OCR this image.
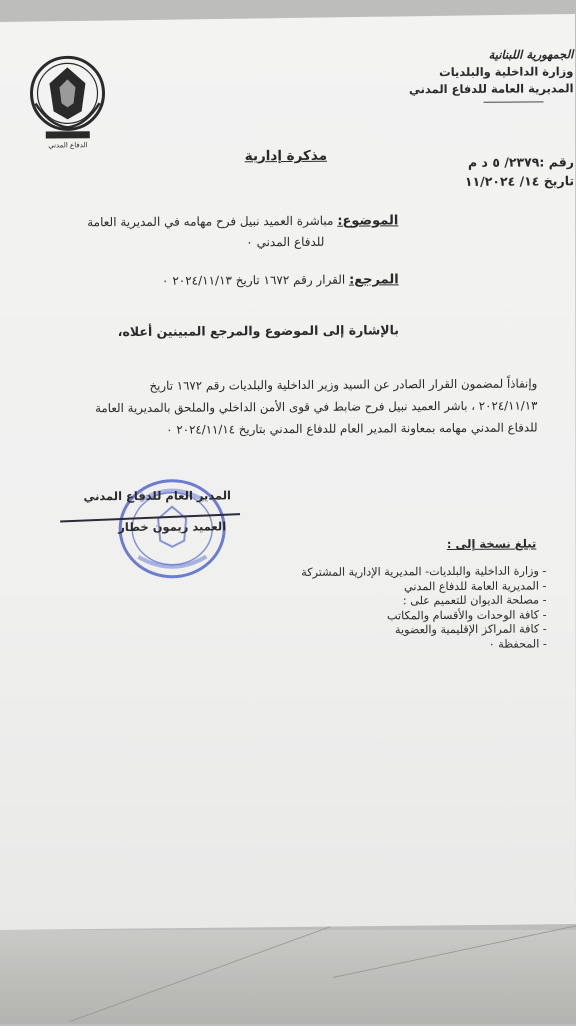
الدفاع المدني
الجمهورية اللبنانية
وزارة الداخلية والبلديات
المديرية العامة للدفاع المدني
مذكرة إدارية	رقم :٢٣٧٩/ ٥ د م
تاريخ ١٤/ ١١/٢٠٢٤
الموضوع: مباشرة العميد نبيل فرح مهامه في المديرية العامة
للدفاع المدني ٠
المرجع: القرار رقم ١٦٧٢ تاريخ ٢٠٢٤/١١/١٣ ٠
بالإشارة إلى الموضوع والمرجع المبينين أعلاه،
وإنفاذاً لمضمون القرار الصادر عن السيد وزير الداخلية والبلديات رقم ١٦٧٢ تاريخ
٢٠٢٤/١١/١٣ ، باشر العميد نبيل فرح ضابط في قوى الأمن الداخلي والملحق بالمديرية العامة
للدفاع المدني مهامه بمعاونة المدير العام للدفاع المدني بتاريخ ٢٠٢٤/١١/١٤ ٠
المدير العام للدفاع المدني
العميد ريمون خطار
تبلغ نسخة إلى :
- وزارة الداخلية والبلديات- المديرية الإدارية المشتركة
- المديرية العامة للدفاع المدني
- مصلحة الديوان للتعميم على :
- كافة الوحدات والأقسام والمكاتب
- كافة المراكز الإقليمية والعضوية
- المحفظة ٠
